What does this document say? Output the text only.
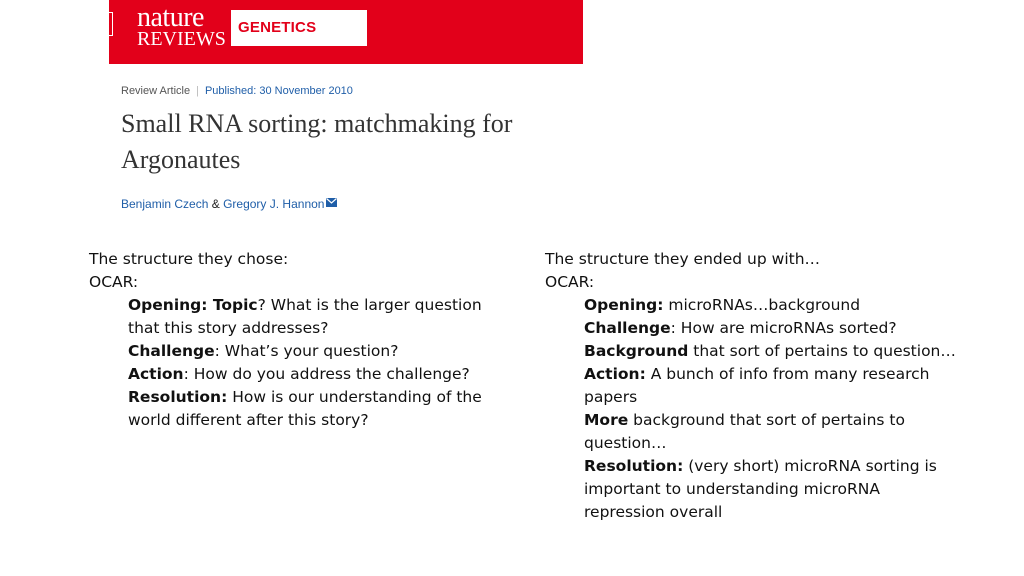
nature
REVIEWS
GENETICS
Review Article | Published: 30 November 2010
Small RNA sorting: matchmaking for
Argonautes
Benjamin Czech & Gregory J. Hannon
The structure they chose:
OCAR:
Opening: Topic? What is the larger question
that this story addresses?
Challenge: What’s your question?
Action: How do you address the challenge?
Resolution: How is our understanding of the
world different after this story?
The structure they ended up with…
OCAR:
Opening: microRNAs…background
Challenge: How are microRNAs sorted?
Background that sort of pertains to question…
Action: A bunch of info from many research
papers
More background that sort of pertains to
question…
Resolution: (very short) microRNA sorting is
important to understanding microRNA
repression overall
